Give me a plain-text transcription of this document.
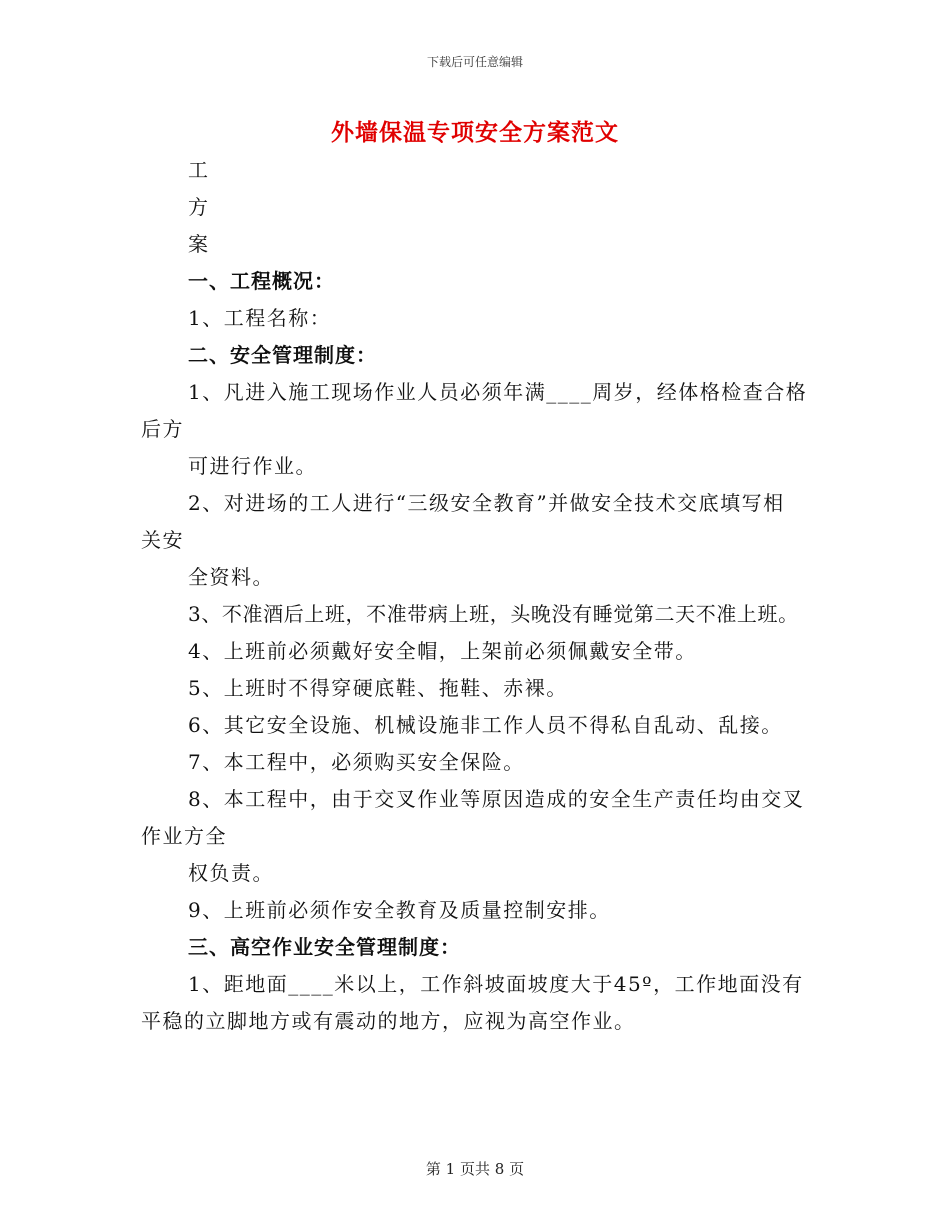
下载后可任意编辑
外墙保温专项安全方案范文
工
方
案
一、工程概况：
1、工程名称：
二、安全管理制度：
1、凡进入施工现场作业人员必须年满____周岁，经体格检查合格
后方
可进行作业。
2、对进场的工人进行“三级安全教育”并做安全技术交底填写相
关安
全资料。
3、不准酒后上班，不准带病上班，头晚没有睡觉第二天不准上班。
4、上班前必须戴好安全帽，上架前必须佩戴安全带。
5、上班时不得穿硬底鞋、拖鞋、赤裸。
6、其它安全设施、机械设施非工作人员不得私自乱动、乱接。
7、本工程中，必须购买安全保险。
8、本工程中，由于交叉作业等原因造成的安全生产责任均由交叉
作业方全
权负责。
9、上班前必须作安全教育及质量控制安排。
三、高空作业安全管理制度：
1、距地面____米以上，工作斜坡面坡度大于45º，工作地面没有
平稳的立脚地方或有震动的地方，应视为高空作业。
第 1 页共 8 页
